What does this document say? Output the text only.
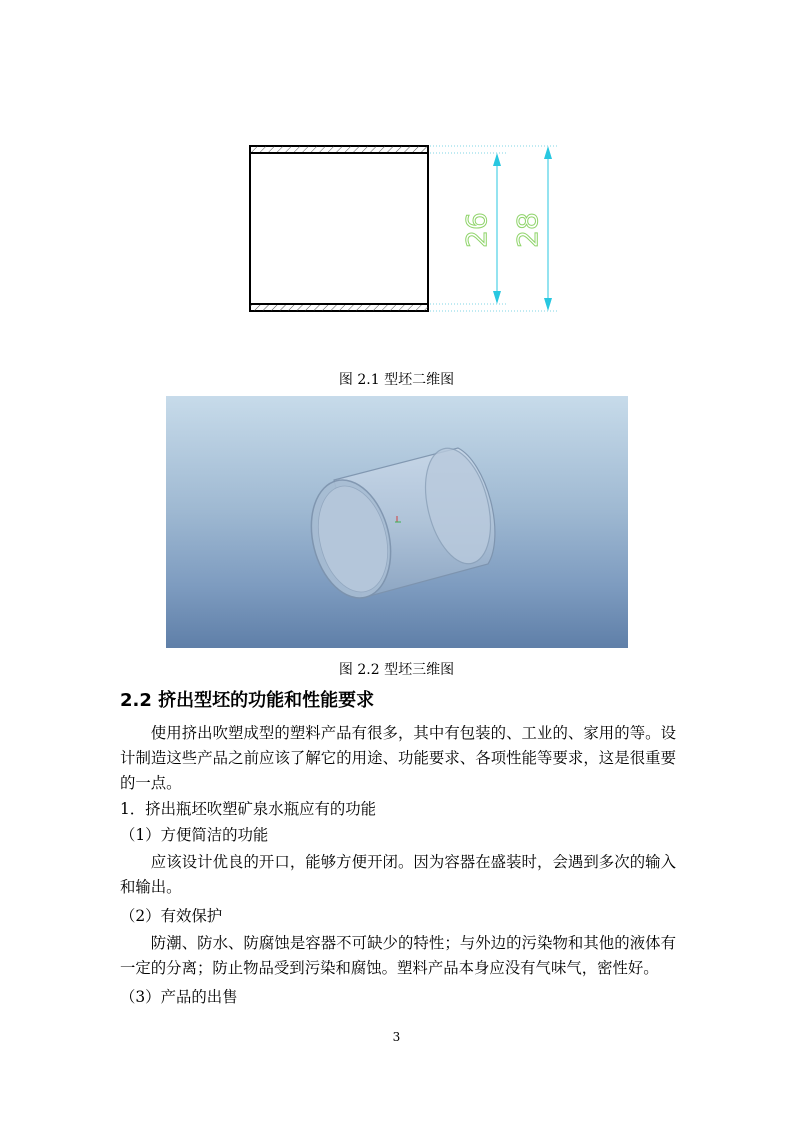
26 28
图 2.1 型坯二维图
图 2.2 型坯三维图
2.2 挤出型坯的功能和性能要求
使用挤出吹塑成型的塑料产品有很多，其中有包装的、工业的、家用的等。设计制造这些产品之前应该了解它的用途、功能要求、各项性能等要求，这是很重要的一点。
1．挤出瓶坯吹塑矿泉水瓶应有的功能
（1）方便简洁的功能
应该设计优良的开口，能够方便开闭。因为容器在盛装时，会遇到多次的输入和输出。
（2）有效保护
防潮、防水、防腐蚀是容器不可缺少的特性；与外边的污染物和其他的液体有一定的分离；防止物品受到污染和腐蚀。塑料产品本身应没有气味气，密性好。
（3）产品的出售
3
